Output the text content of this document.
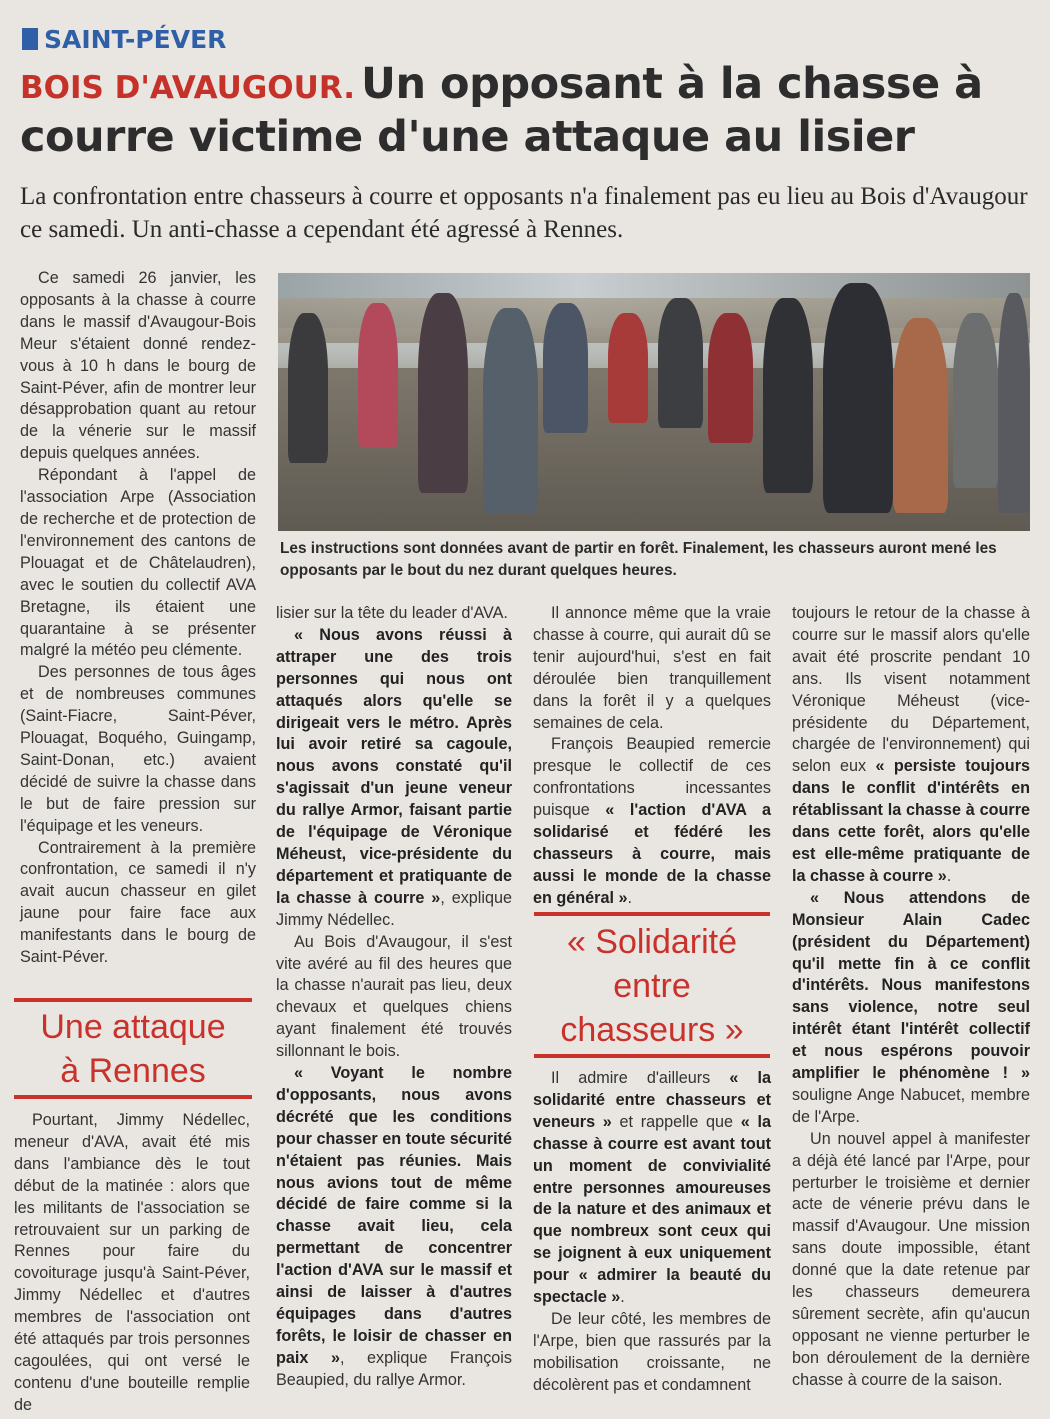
SAINT-PÉVER
BOIS D'AVAUGOUR. Un opposant à la chasse à courre victime d'une attaque au lisier
La confrontation entre chasseurs à courre et opposants n'a finalement pas eu lieu au Bois d'Avaugour ce samedi. Un anti-chasse a cependant été agressé à Rennes.

Ce samedi 26 janvier, les opposants à la chasse à courre dans le massif d'Avaugour-Bois Meur s'étaient donné rendez-vous à 10 h dans le bourg de Saint-Péver, afin de montrer leur désapprobation quant au retour de la vénerie sur le massif depuis quelques années.

Répondant à l'appel de l'association Arpe (Association de recherche et de protection de l'environnement des cantons de Plouagat et de Châtelaudren), avec le soutien du collectif AVA Bretagne, ils étaient une quarantaine à se présenter malgré la météo peu clémente.

Des personnes de tous âges et de nombreuses communes (Saint-Fiacre, Saint-Péver, Plouagat, Boquého, Guingamp, Saint-Donan, etc.) avaient décidé de suivre la chasse dans le but de faire pression sur l'équipage et les veneurs.

Contrairement à la première confrontation, ce samedi il n'y avait aucun chasseur en gilet jaune pour faire face aux manifestants dans le bourg de Saint-Péver.

Une attaque
à Rennes

Pourtant, Jimmy Nédellec, meneur d'AVA, avait été mis dans l'ambiance dès le tout début de la matinée : alors que les militants de l'association se retrouvaient sur un parking de Rennes pour faire du covoiturage jusqu'à Saint-Péver, Jimmy Nédellec et d'autres membres de l'association ont été attaqués par trois personnes cagoulées, qui ont versé le contenu d'une bouteille remplie de

Les instructions sont données avant de partir en forêt. Finalement, les chasseurs auront mené les opposants par le bout du nez durant quelques heures.

lisier sur la tête du leader d'AVA.

« Nous avons réussi à attraper une des trois personnes qui nous ont attaqués alors qu'elle se dirigeait vers le métro. Après lui avoir retiré sa cagoule, nous avons constaté qu'il s'agissait d'un jeune veneur du rallye Armor, faisant partie de l'équipage de Véronique Méheust, vice-présidente du département et pratiquante de la chasse à courre », explique Jimmy Nédellec.

Au Bois d'Avaugour, il s'est vite avéré au fil des heures que la chasse n'aurait pas lieu, deux chevaux et quelques chiens ayant finalement été trouvés sillonnant le bois.

« Voyant le nombre d'opposants, nous avons décrété que les conditions pour chasser en toute sécurité n'étaient pas réunies. Mais nous avions tout de même décidé de faire comme si la chasse avait lieu, cela permettant de concentrer l'action d'AVA sur le massif et ainsi de laisser à d'autres équipages dans d'autres forêts, le loisir de chasser en paix », explique François Beaupied, du rallye Armor.

Il annonce même que la vraie chasse à courre, qui aurait dû se tenir aujourd'hui, s'est en fait déroulée bien tranquillement dans la forêt il y a quelques semaines de cela.

François Beaupied remercie presque le collectif de ces confrontations incessantes puisque « l'action d'AVA a solidarisé et fédéré les chasseurs à courre, mais aussi le monde de la chasse en général ».

« Solidarité
entre
chasseurs »

Il admire d'ailleurs « la solidarité entre chasseurs et veneurs » et rappelle que « la chasse à courre est avant tout un moment de convivialité entre personnes amoureuses de la nature et des animaux et que nombreux sont ceux qui se joignent à eux uniquement pour « admirer la beauté du spectacle ».

De leur côté, les membres de l'Arpe, bien que rassurés par la mobilisation croissante, ne décolèrent pas et condamnent

toujours le retour de la chasse à courre sur le massif alors qu'elle avait été proscrite pendant 10 ans. Ils visent notamment Véronique Méheust (vice-présidente du Département, chargée de l'environnement) qui selon eux « persiste toujours dans le conflit d'intérêts en rétablissant la chasse à courre dans cette forêt, alors qu'elle est elle-même pratiquante de la chasse à courre ».

« Nous attendons de Monsieur Alain Cadec (président du Département) qu'il mette fin à ce conflit d'intérêts. Nous manifestons sans violence, notre seul intérêt étant l'intérêt collectif et nous espérons pouvoir amplifier le phénomène ! » souligne Ange Nabucet, membre de l'Arpe.

Un nouvel appel à manifester a déjà été lancé par l'Arpe, pour perturber le troisième et dernier acte de vénerie prévu dans le massif d'Avaugour. Une mission sans doute impossible, étant donné que la date retenue par les chasseurs demeurera sûrement secrète, afin qu'aucun opposant ne vienne perturber le bon déroulement de la dernière chasse à courre de la saison.
